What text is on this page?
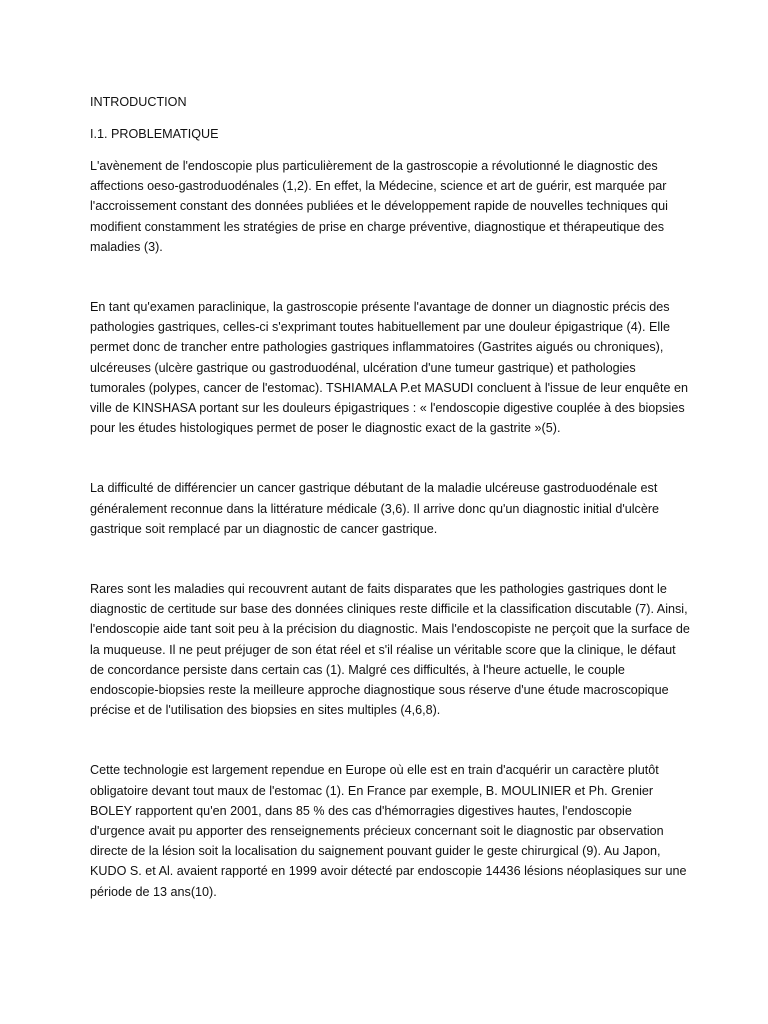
INTRODUCTION

I.1. PROBLEMATIQUE

L'avènement de l'endoscopie plus particulièrement de la gastroscopie a révolutionné le diagnostic des affections oeso-gastroduodénales (1,2). En effet, la Médecine, science et art de guérir, est marquée par l'accroissement constant des données publiées et le développement rapide de nouvelles techniques qui modifient constamment les stratégies de prise en charge préventive, diagnostique et thérapeutique des maladies (3).

En tant qu'examen paraclinique, la gastroscopie présente l'avantage de donner un diagnostic précis des pathologies gastriques, celles-ci s'exprimant toutes habituellement par une douleur épigastrique (4). Elle permet donc de trancher entre pathologies gastriques inflammatoires (Gastrites aigués ou chroniques), ulcéreuses (ulcère gastrique ou gastroduodénal, ulcération d'une tumeur gastrique) et pathologies tumorales (polypes, cancer de l'estomac). TSHIAMALA P.et MASUDI concluent à l'issue de leur enquête en ville de KINSHASA portant sur les douleurs épigastriques : « l'endoscopie digestive couplée à des biopsies pour les études histologiques permet de poser le diagnostic exact de la gastrite »(5).

La difficulté de différencier un cancer gastrique débutant de la maladie ulcéreuse gastroduodénale est généralement reconnue dans la littérature médicale (3,6). Il arrive donc qu'un diagnostic initial d'ulcère gastrique soit remplacé par un diagnostic de cancer gastrique.

Rares sont les maladies qui recouvrent autant de faits disparates que les pathologies gastriques dont le diagnostic de certitude sur base des données cliniques reste difficile et la classification discutable (7). Ainsi, l'endoscopie aide tant soit peu à la précision du diagnostic. Mais l'endoscopiste ne perçoit que la surface de la muqueuse. Il ne peut préjuger de son état réel et s'il réalise un véritable score que la clinique, le défaut de concordance persiste dans certain cas (1). Malgré ces difficultés, à l'heure actuelle, le couple endoscopie-biopsies reste la meilleure approche diagnostique sous réserve d'une étude macroscopique précise et de l'utilisation des biopsies en sites multiples (4,6,8).

Cette technologie est largement rependue en Europe où elle est en train d'acquérir un caractère plutôt obligatoire devant tout maux de l'estomac (1). En France par exemple, B. MOULINIER et Ph. Grenier BOLEY rapportent qu'en 2001, dans 85 % des cas d'hémorragies digestives hautes, l'endoscopie d'urgence avait pu apporter des renseignements précieux concernant soit le diagnostic par observation directe de la lésion soit la localisation du saignement pouvant guider le geste chirurgical (9). Au Japon, KUDO S. et Al. avaient rapporté en 1999 avoir détecté par endoscopie 14436 lésions néoplasiques sur une période de 13 ans(10).
